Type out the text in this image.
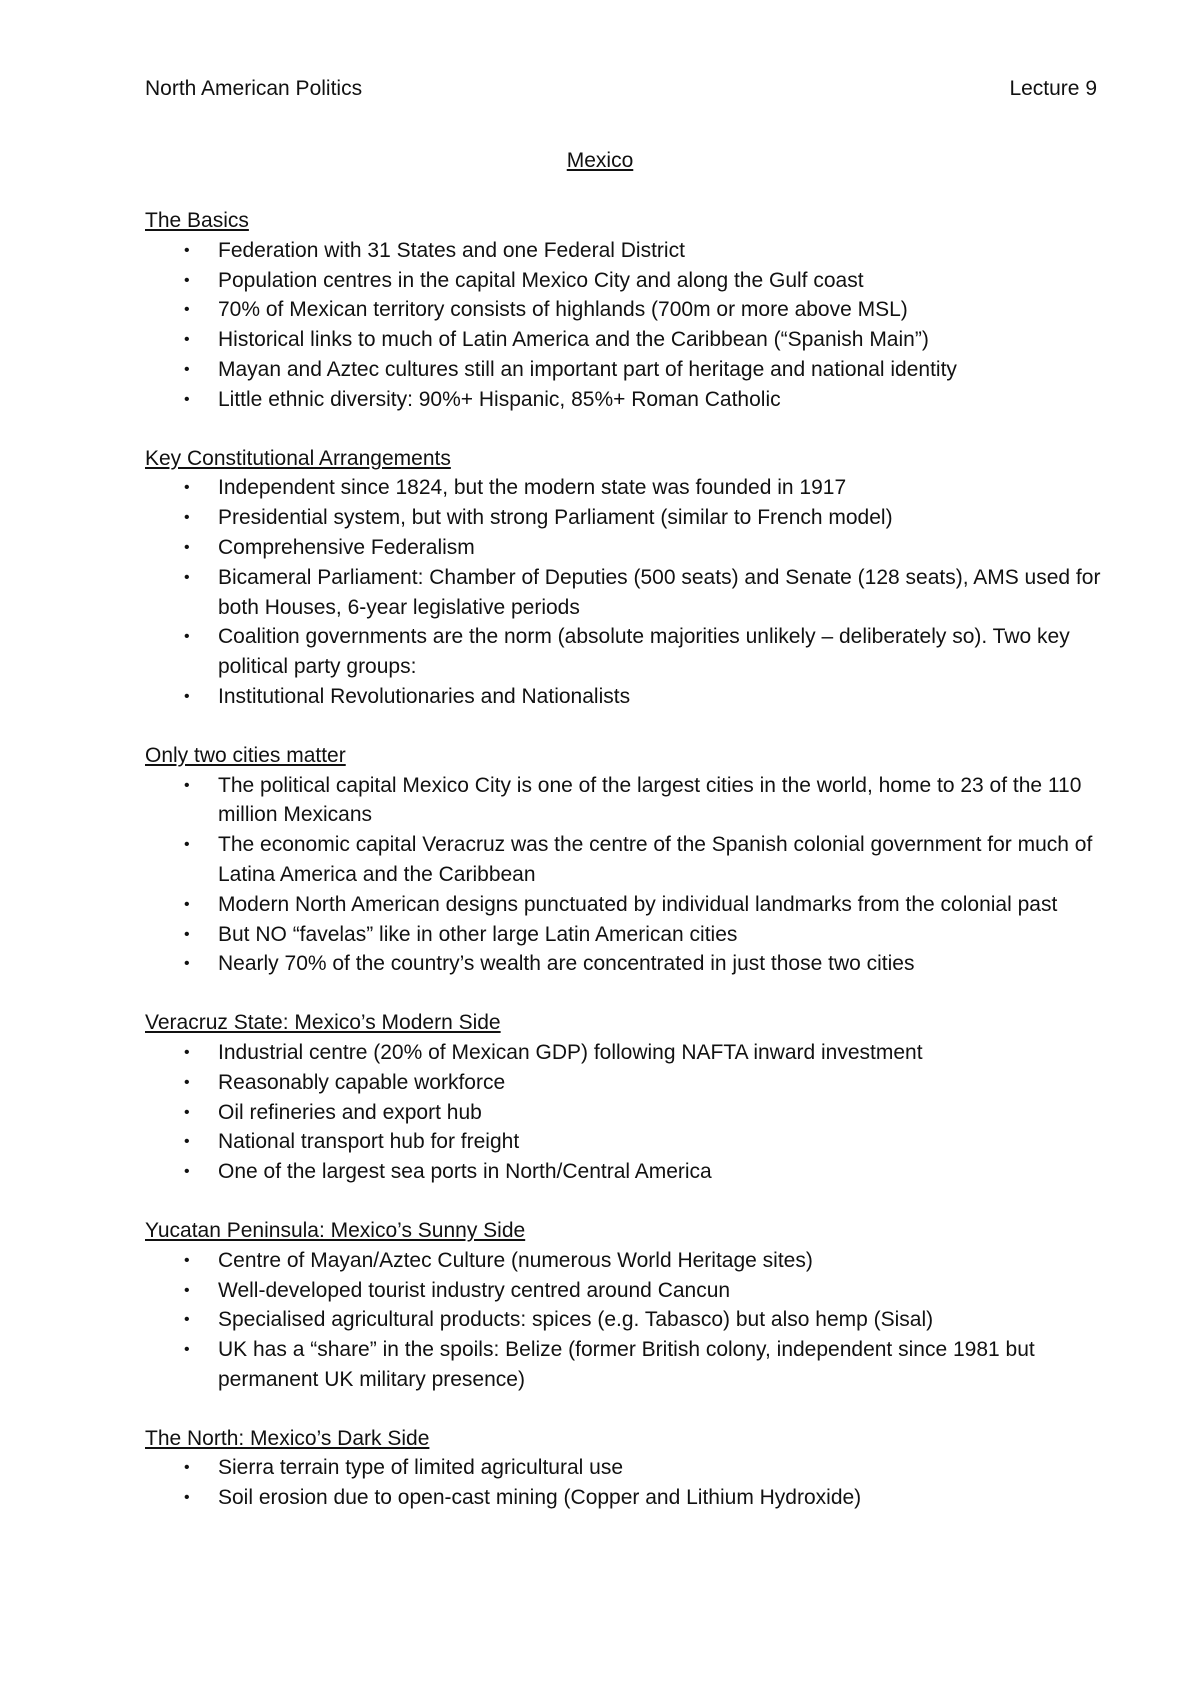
North American Politics	Lecture 9
Mexico

The Basics

• Federation with 31 States and one Federal District
• Population centres in the capital Mexico City and along the Gulf coast
• 70% of Mexican territory consists of highlands (700m or more above MSL)
• Historical links to much of Latin America and the Caribbean (“Spanish Main”)
• Mayan and Aztec cultures still an important part of heritage and national identity
• Little ethnic diversity: 90%+ Hispanic, 85%+ Roman Catholic

Key Constitutional Arrangements

• Independent since 1824, but the modern state was founded in 1917
• Presidential system, but with strong Parliament (similar to French model)
• Comprehensive Federalism
• Bicameral Parliament: Chamber of Deputies (500 seats) and Senate (128 seats), AMS used for both Houses, 6-year legislative periods
• Coalition governments are the norm (absolute majorities unlikely – deliberately so). Two key political party groups:
• Institutional Revolutionaries and Nationalists

Only two cities matter

• The political capital Mexico City is one of the largest cities in the world, home to 23 of the 110 million Mexicans
• The economic capital Veracruz was the centre of the Spanish colonial government for much of Latina America and the Caribbean
• Modern North American designs punctuated by individual landmarks from the colonial past
• But NO “favelas” like in other large Latin American cities
• Nearly 70% of the country’s wealth are concentrated in just those two cities

Veracruz State: Mexico’s Modern Side

• Industrial centre (20% of Mexican GDP) following NAFTA inward investment
• Reasonably capable workforce
• Oil refineries and export hub
• National transport hub for freight
• One of the largest sea ports in North/Central America

Yucatan Peninsula: Mexico’s Sunny Side

• Centre of Mayan/Aztec Culture (numerous World Heritage sites)
• Well-developed tourist industry centred around Cancun
• Specialised agricultural products: spices (e.g. Tabasco) but also hemp (Sisal)
• UK has a “share” in the spoils: Belize (former British colony, independent since 1981 but permanent UK military presence)

The North: Mexico’s Dark Side

• Sierra terrain type of limited agricultural use
• Soil erosion due to open-cast mining (Copper and Lithium Hydroxide)
